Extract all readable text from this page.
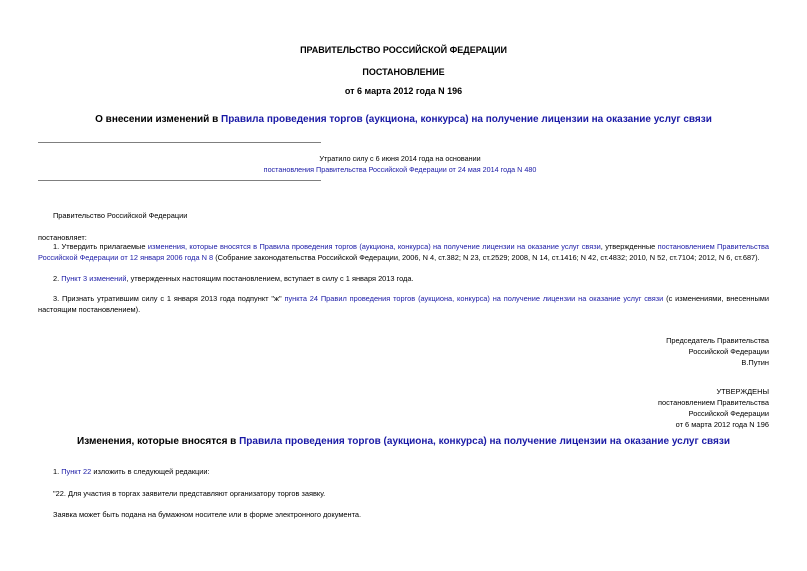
ПРАВИТЕЛЬСТВО РОССИЙСКОЙ ФЕДЕРАЦИИ
ПОСТАНОВЛЕНИЕ
от 6 марта 2012 года N 196
О внесении изменений в Правила проведения торгов (аукциона, конкурса) на получение лицензии на оказание услуг связи
Утратило силу с 6 июня 2014 года на основании
постановления Правительства Российской Федерации от 24 мая 2014 года N 480
Правительство Российской Федерации
постановляет:
1. Утвердить прилагаемые изменения, которые вносятся в Правила проведения торгов (аукциона, конкурса) на получение лицензии на оказание услуг связи, утвержденные постановлением Правительства Российской Федерации от 12 января 2006 года N 8 (Собрание законодательства Российской Федерации, 2006, N 4, ст.382; N 23, ст.2529; 2008, N 14, ст.1416; N 42, ст.4832; 2010, N 52, ст.7104; 2012, N 6, ст.687).
2. Пункт 3 изменений, утвержденных настоящим постановлением, вступает в силу с 1 января 2013 года.
3. Признать утратившим силу с 1 января 2013 года подпункт "ж" пункта 24 Правил проведения торгов (аукциона, конкурса) на получение лицензии на оказание услуг связи (с изменениями, внесенными настоящим постановлением).
Председатель Правительства
Российской Федерации
В.Путин
УТВЕРЖДЕНЫ
постановлением Правительства
Российской Федерации
от 6 марта 2012 года N 196
Изменения, которые вносятся в Правила проведения торгов (аукциона, конкурса) на получение лицензии на оказание услуг связи
1. Пункт 22 изложить в следующей редакции:
"22. Для участия в торгах заявители представляют организатору торгов заявку.
Заявка может быть подана на бумажном носителе или в форме электронного документа.
